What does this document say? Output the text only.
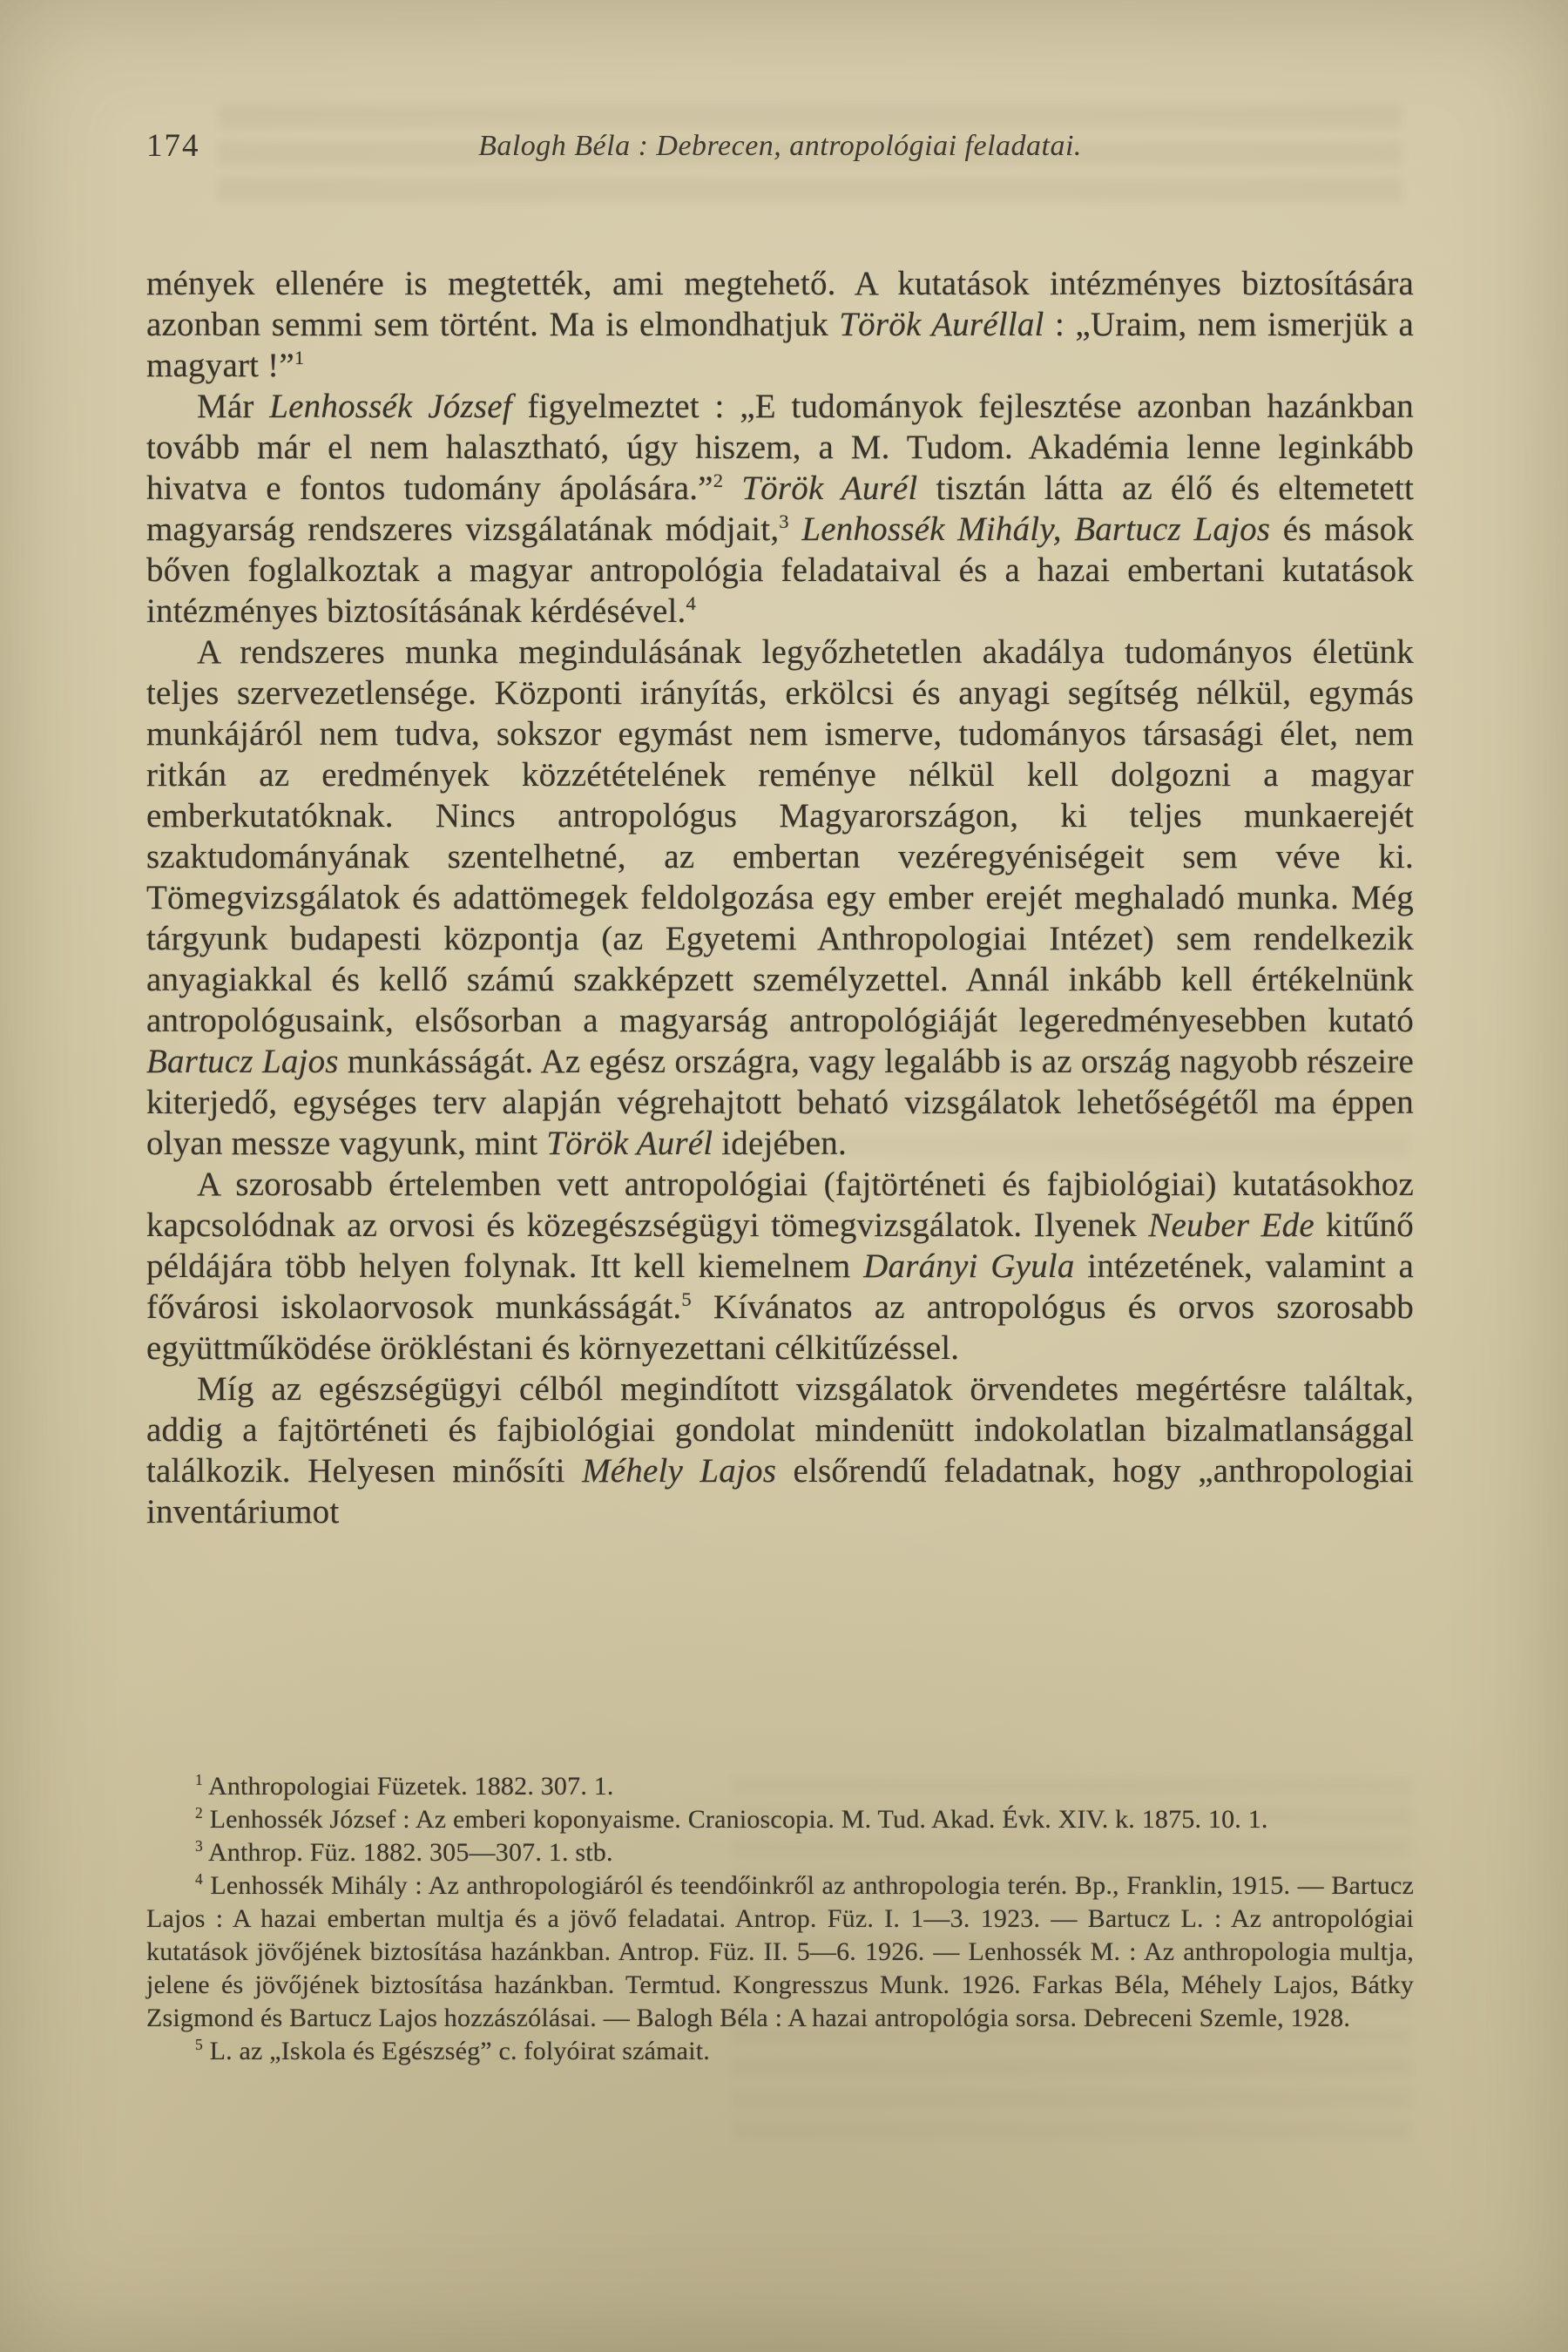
174	Balogh Béla : Debrecen, antropológiai feladatai.

mények ellenére is megtették, ami megtehető. A kutatások intézményes biztosítására azonban semmi sem történt. Ma is elmondhatjuk Török Auréllal : „Uraim, nem ismerjük a magyart !”$^1$

Már Lenhossék József figyelmeztet : „E tudományok fejlesztése azonban hazánkban tovább már el nem halasztható, úgy hiszem, a M. Tudom. Akadémia lenne leginkább hivatva e fontos tudomány ápolására.”$^2$ Török Aurél tisztán látta az élő és eltemetett magyarság rendszeres vizsgálatának módjait,$^3$ Lenhossék Mihály, Bartucz Lajos és mások bőven foglalkoztak a magyar antropológia feladataival és a hazai embertani kutatások intézményes biztosításának kérdésével.$^4$

A rendszeres munka megindulásának legyőzhetetlen akadálya tudományos életünk teljes szervezetlensége. Központi irányítás, erkölcsi és anyagi segítség nélkül, egymás munkájáról nem tudva, sokszor egymást nem ismerve, tudományos társasági élet, nem ritkán az eredmények közzétételének reménye nélkül kell dolgozni a magyar emberkutatóknak. Nincs antropológus Magyarországon, ki teljes munkaerejét szaktudományának szentelhetné, az embertan vezéregyéniségeit sem véve ki. Tömegvizsgálatok és adattömegek feldolgozása egy ember erejét meghaladó munka. Még tárgyunk budapesti központja (az Egyetemi Anthropologiai Intézet) sem rendelkezik anyagiakkal és kellő számú szakképzett személyzettel. Annál inkább kell értékelnünk antropológusaink, elsősorban a magyarság antropológiáját legeredményesebben kutató Bartucz Lajos munkásságát. Az egész országra, vagy legalább is az ország nagyobb részeire kiterjedő, egységes terv alapján végrehajtott beható vizsgálatok lehetőségétől ma éppen olyan messze vagyunk, mint Török Aurél idejében.

A szorosabb értelemben vett antropológiai (fajtörténeti és fajbiológiai) kutatásokhoz kapcsolódnak az orvosi és közegészségügyi tömegvizsgálatok. Ilyenek Neuber Ede kitűnő példájára több helyen folynak. Itt kell kiemelnem Darányi Gyula intézetének, valamint a fővárosi iskolaorvosok munkásságát.$^5$ Kívánatos az antropológus és orvos szorosabb együttműködése örökléstani és környezettani célkitűzéssel.

Míg az egészségügyi célból megindított vizsgálatok örvendetes megértésre találtak, addig a fajtörténeti és fajbiológiai gondolat mindenütt indokolatlan bizalmatlansággal találkozik. Helyesen minősíti Méhely Lajos elsőrendű feladatnak, hogy „anthropologiai inventáriumot

$^1$ Anthropologiai Füzetek. 1882. 307. 1.

$^2$ Lenhossék József : Az emberi koponyaisme. Cranioscopia. M. Tud. Akad. Évk. XIV. k. 1875. 10. 1.

$^3$ Anthrop. Füz. 1882. 305—307. 1. stb.

$^4$ Lenhossék Mihály : Az anthropologiáról és teendőinkről az anthropologia terén. Bp., Franklin, 1915. — Bartucz Lajos : A hazai embertan multja és a jövő feladatai. Antrop. Füz. I. 1—3. 1923. — Bartucz L. : Az antropológiai kutatások jövőjének biztosítása hazánkban. Antrop. Füz. II. 5—6. 1926. — Lenhossék M. : Az anthropologia multja, jelene és jövőjének biztosítása hazánkban. Termtud. Kongresszus Munk. 1926. Farkas Béla, Méhely Lajos, Bátky Zsigmond és Bartucz Lajos hozzászólásai. — Balogh Béla : A hazai antropológia sorsa. Debreceni Szemle, 1928.

$^5$ L. az „Iskola és Egészség” c. folyóirat számait.
